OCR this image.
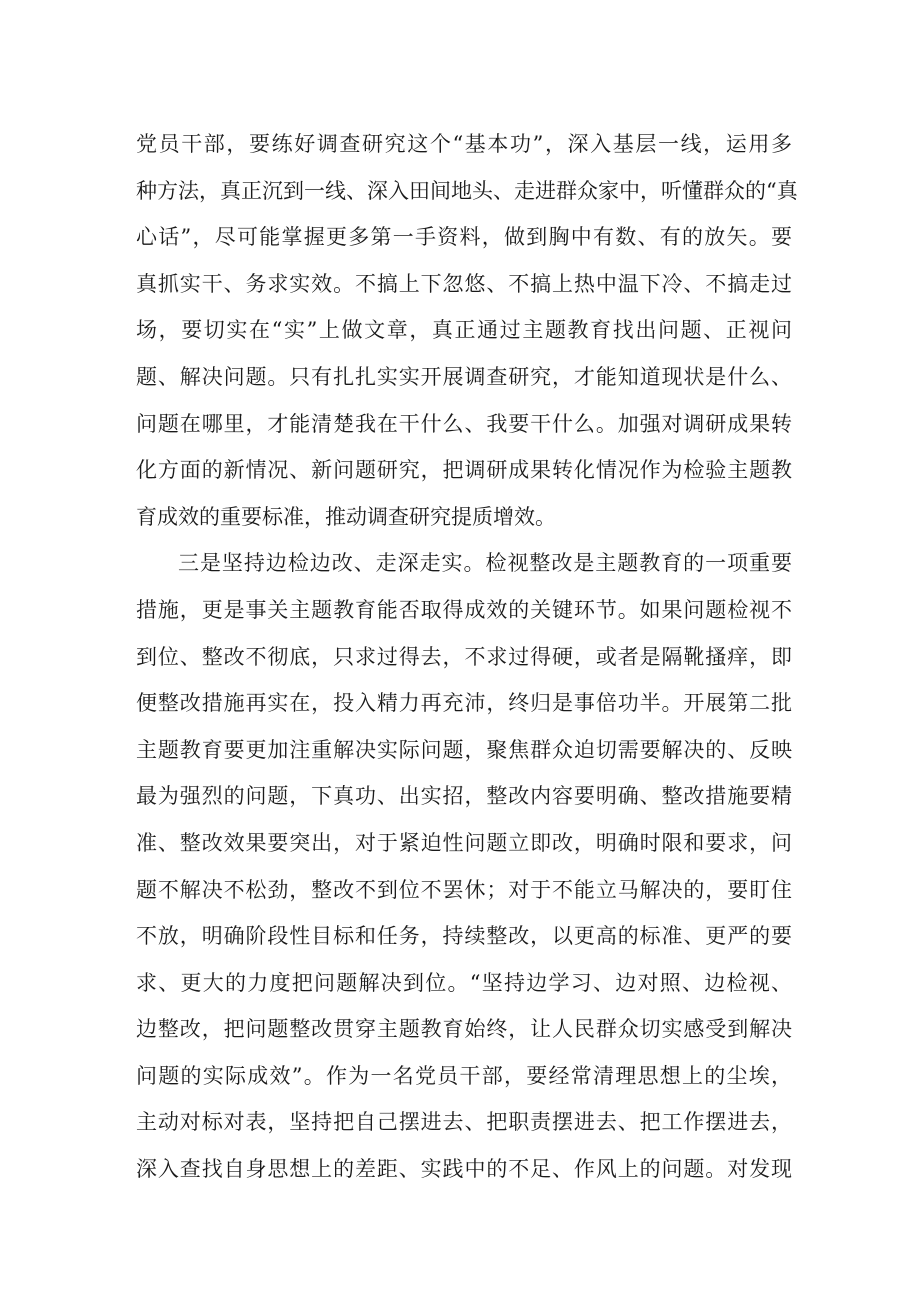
党员干部，要练好调查研究这个“基本功”，深入基层一线，运用多
种方法，真正沉到一线、深入田间地头、走进群众家中，听懂群众的“真
心话”，尽可能掌握更多第一手资料，做到胸中有数、有的放矢。要
真抓实干、务求实效。不搞上下忽悠、不搞上热中温下冷、不搞走过
场，要切实在“实”上做文章，真正通过主题教育找出问题、正视问
题、解决问题。只有扎扎实实开展调查研究，才能知道现状是什么、
问题在哪里，才能清楚我在干什么、我要干什么。加强对调研成果转
化方面的新情况、新问题研究，把调研成果转化情况作为检验主题教
育成效的重要标准，推动调查研究提质增效。
三是坚持边检边改、走深走实。检视整改是主题教育的一项重要
措施，更是事关主题教育能否取得成效的关键环节。如果问题检视不
到位、整改不彻底，只求过得去，不求过得硬，或者是隔靴搔痒，即
便整改措施再实在，投入精力再充沛，终归是事倍功半。开展第二批
主题教育要更加注重解决实际问题，聚焦群众迫切需要解决的、反映
最为强烈的问题，下真功、出实招，整改内容要明确、整改措施要精
准、整改效果要突出，对于紧迫性问题立即改，明确时限和要求，问
题不解决不松劲，整改不到位不罢休；对于不能立马解决的，要盯住
不放，明确阶段性目标和任务，持续整改，以更高的标准、更严的要
求、更大的力度把问题解决到位。“坚持边学习、边对照、边检视、
边整改，把问题整改贯穿主题教育始终，让人民群众切实感受到解决
问题的实际成效”。作为一名党员干部，要经常清理思想上的尘埃，
主动对标对表，坚持把自己摆进去、把职责摆进去、把工作摆进去，
深入查找自身思想上的差距、实践中的不足、作风上的问题。对发现
